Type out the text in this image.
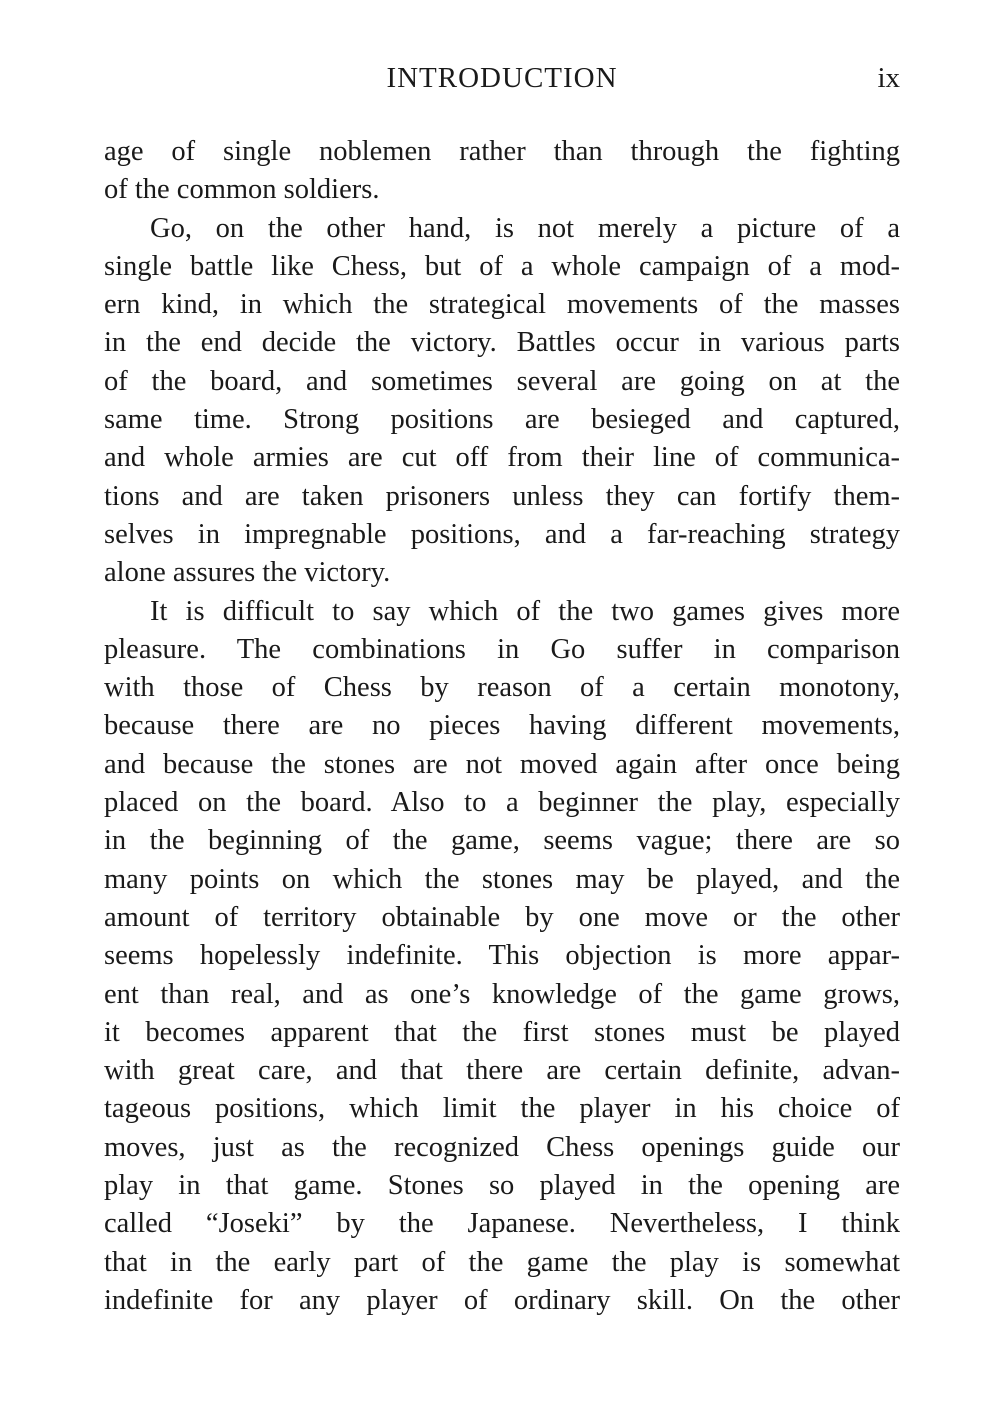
INTRODUCTION	ix
age of single noblemen rather than through the fighting
of the common soldiers.
Go, on the other hand, is not merely a picture of a
single battle like Chess, but of a whole campaign of a mod-
ern kind, in which the strategical movements of the masses
in the end decide the victory. Battles occur in various parts
of the board, and sometimes several are going on at the
same time. Strong positions are besieged and captured,
and whole armies are cut off from their line of communica-
tions and are taken prisoners unless they can fortify them-
selves in impregnable positions, and a far-reaching strategy
alone assures the victory.
It is difficult to say which of the two games gives more
pleasure. The combinations in Go suffer in comparison
with those of Chess by reason of a certain monotony,
because there are no pieces having different movements,
and because the stones are not moved again after once being
placed on the board. Also to a beginner the play, especially
in the beginning of the game, seems vague; there are so
many points on which the stones may be played, and the
amount of territory obtainable by one move or the other
seems hopelessly indefinite. This objection is more appar-
ent than real, and as one’s knowledge of the game grows,
it becomes apparent that the first stones must be played
with great care, and that there are certain definite, advan-
tageous positions, which limit the player in his choice of
moves, just as the recognized Chess openings guide our
play in that game. Stones so played in the opening are
called “Joseki” by the Japanese. Nevertheless, I think
that in the early part of the game the play is somewhat
indefinite for any player of ordinary skill. On the other
